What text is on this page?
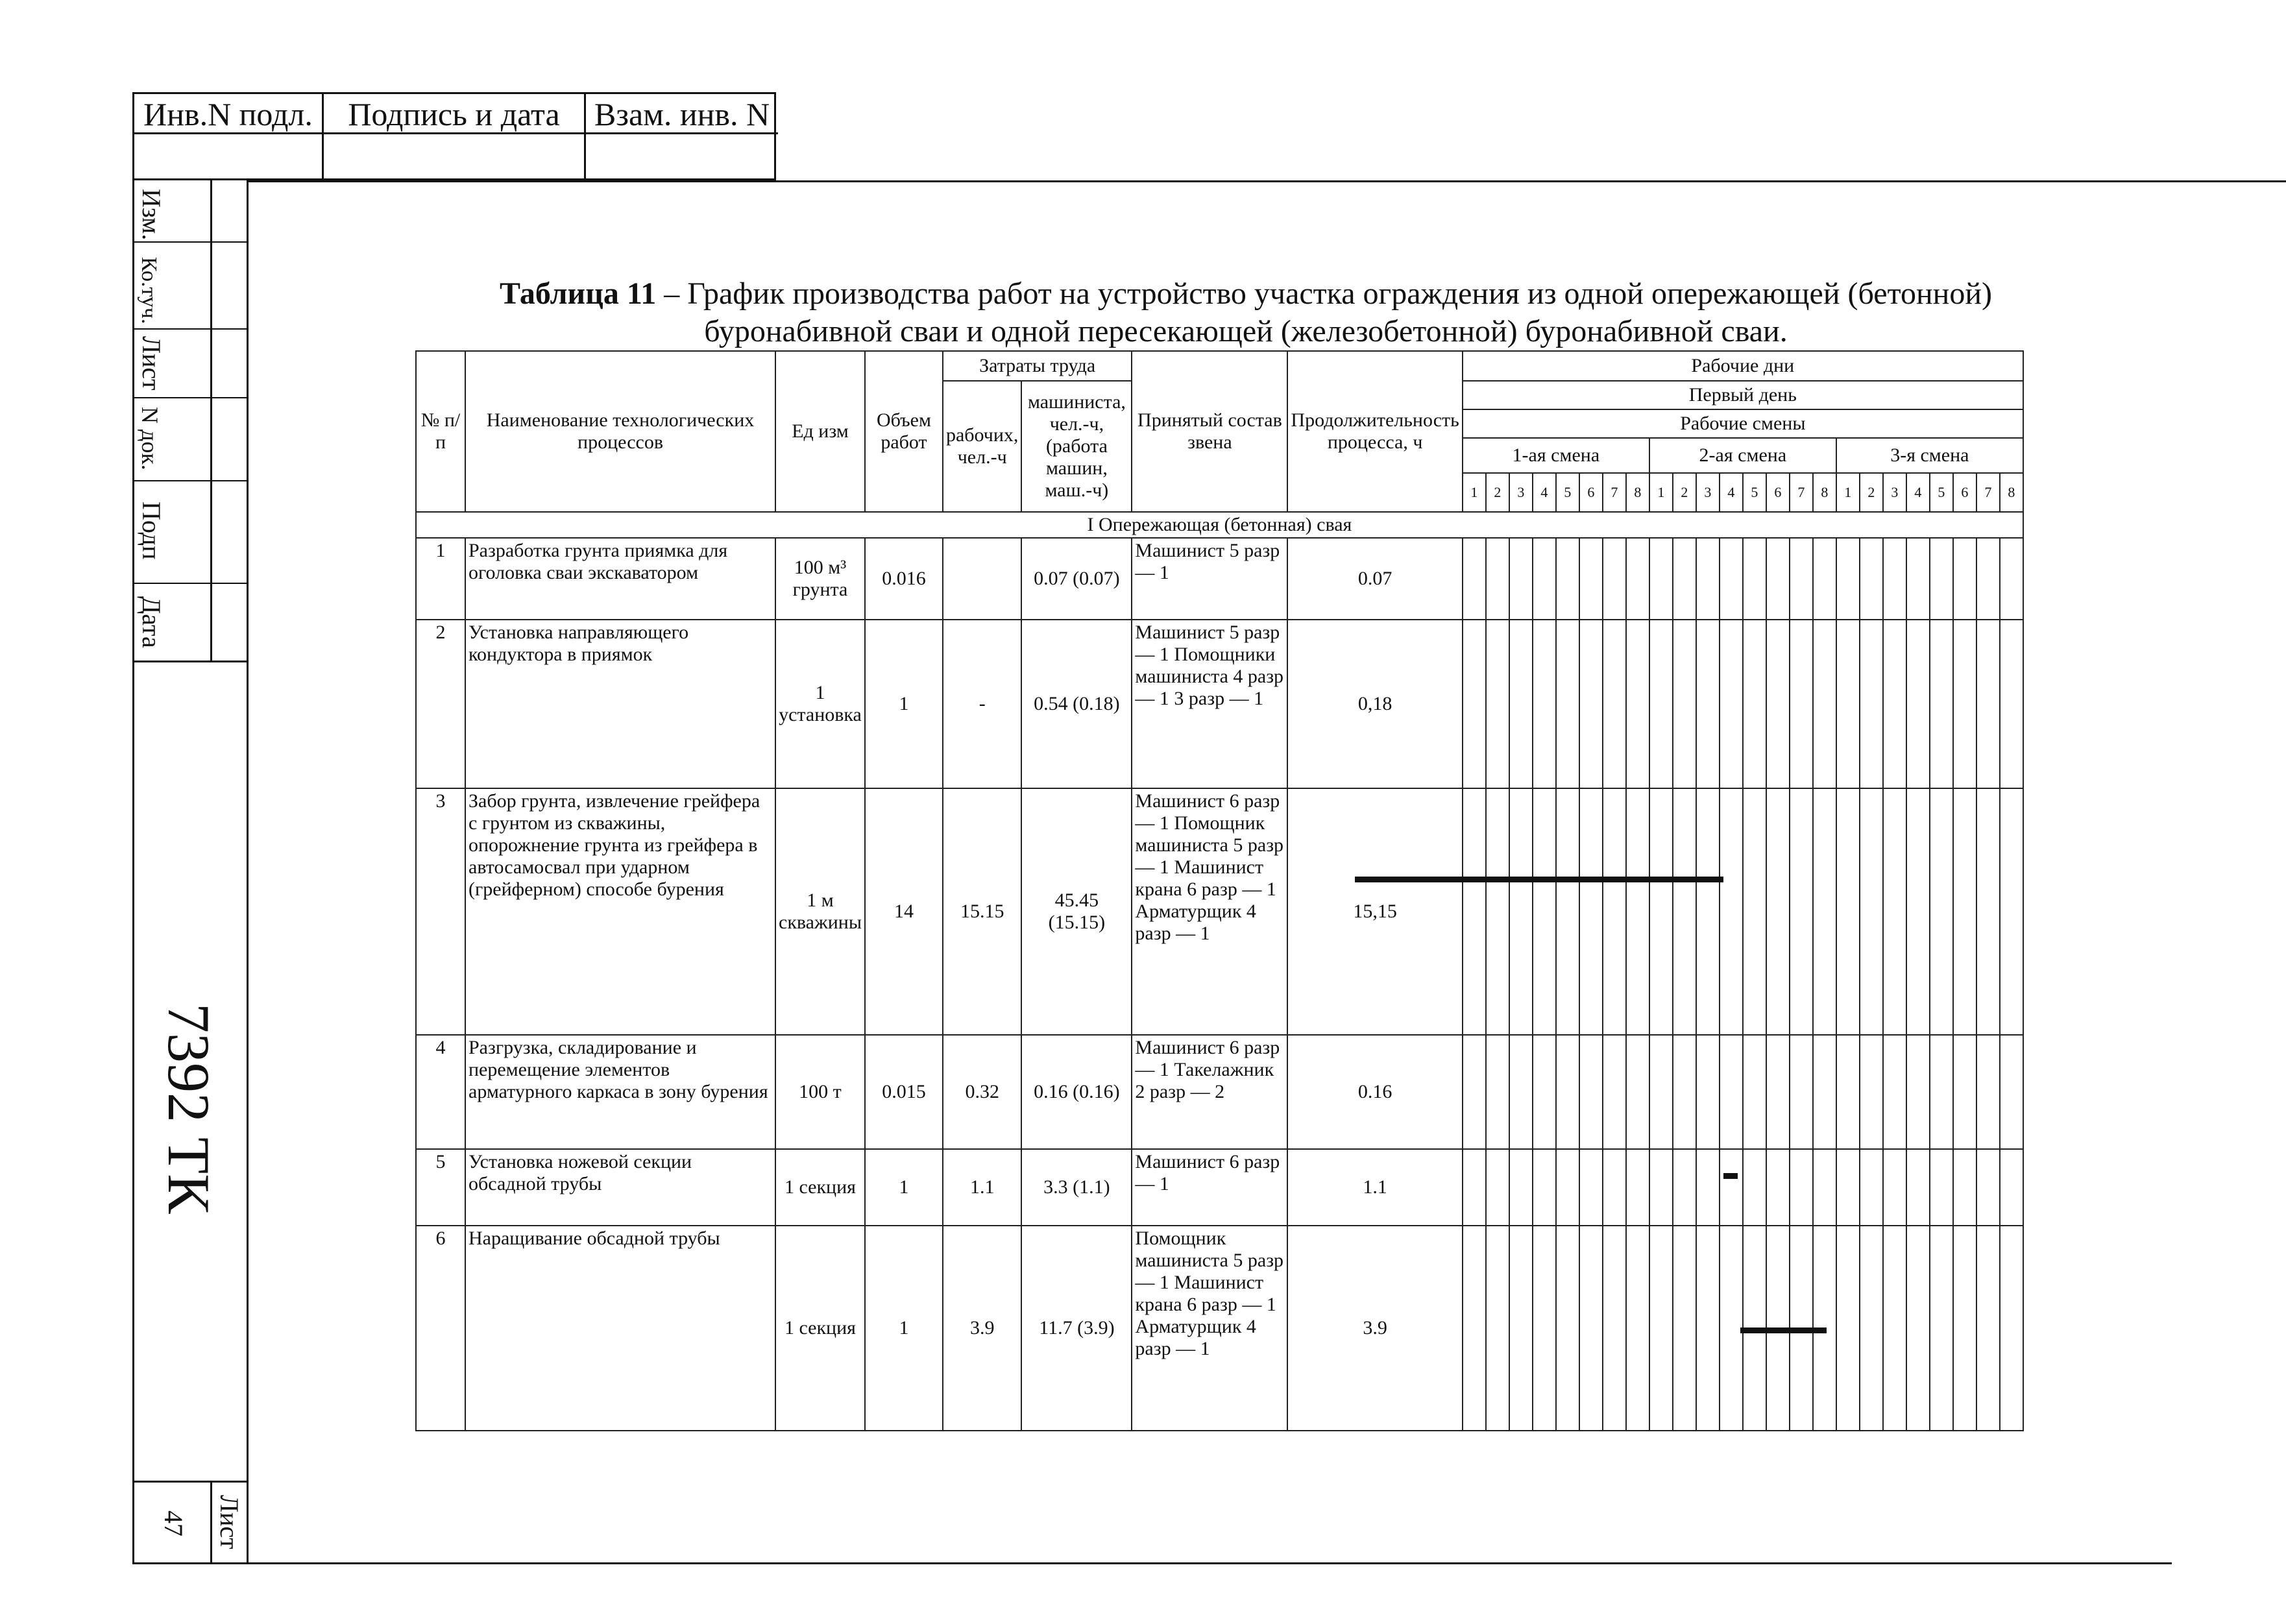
Инв.N подл.	Подпись и дата	Взам. инв. N
Изм.
Ко.туч.
Лист
N док.
Подп
Дата
7392 ТК
Лист
47
Таблица 11 – График производства работ на устройство участка ограждения из одной опережающей (бетонной) буронабивной сваи и одной пересекающей (железобетонной) буронабивной сваи.
№ п/п	Наименование технологических процессов	Ед изм	Объем работ	Затраты труда		Принятый состав звена	Продолжительность процесса, ч	Рабочие дни																							
				рабочих, чел.-ч	машиниста, чел.-ч, (работа машин, маш.-ч)			Первый день																							
								Рабочие смены																							
								1-ая смена								2-ая смена								3-я смена							
								1	2	3	4	5	6	7	8	1	2	3	4	5	6	7	8	1	2	3	4	5	6	7	8
I Опережающая (бетонная) свая																															
1	Разработка грунта приямка для оголовка сваи экскаватором	100 м³ грунта	0.016		0.07 (0.07)	Машинист 5 разр — 1	0.07																								
2	Установка направляющего кондуктора в приямок	1 установка	1	-	0.54 (0.18)	Машинист 5 разр — 1 Помощники машиниста 4 разр — 1 3 разр — 1	0,18																								
3	Забор грунта, извлечение грейфера с грунтом из скважины, опорожнение грунта из грейфера в автосамосвал при ударном (грейферном) способе бурения	1 м скважины	14	15.15	45.45 (15.15)	Машинист 6 разр — 1 Помощник машиниста 5 разр — 1 Машинист крана 6 разр — 1 Арматурщик 4 разр — 1	15,15																								
4	Разгрузка, складирование и перемещение элементов арматурного каркаса в зону бурения	100 т	0.015	0.32	0.16 (0.16)	Машинист 6 разр — 1 Такелажник 2 разр — 2	0.16																								
5	Установка ножевой секции обсадной трубы	1 секция	1	1.1	3.3 (1.1)	Машинист 6 разр — 1	1.1																								
6	Наращивание обсадной трубы	1 секция	1	3.9	11.7 (3.9)	Помощник машиниста 5 разр — 1 Машинист крана 6 разр — 1 Арматурщик 4 разр — 1	3.9																								
